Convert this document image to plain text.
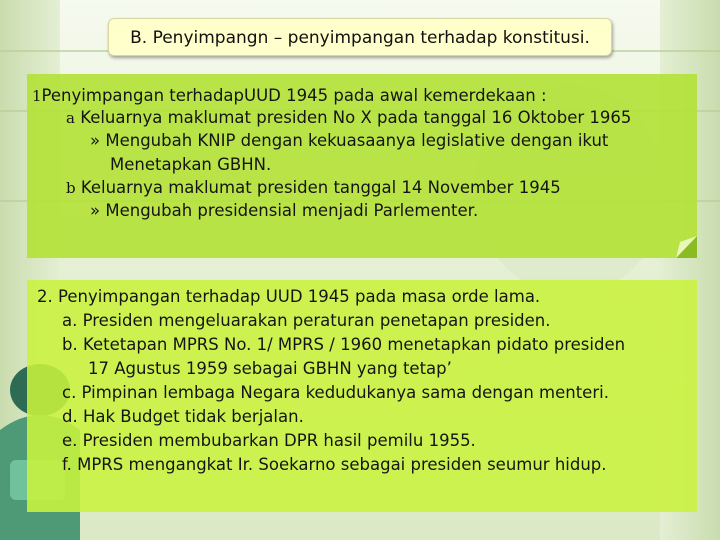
B. Penyimpangn – penyimpangan terhadap konstitusi.
1Penyimpangan terhadapUUD 1945 pada awal kemerdekaan :
a Keluarnya maklumat presiden No X pada tanggal 16 Oktober 1965
» Mengubah KNIP dengan kekuasaanya legislative dengan ikut
Menetapkan GBHN.
b Keluarnya maklumat presiden tanggal 14 November 1945
» Mengubah presidensial menjadi Parlementer.
2. Penyimpangan terhadap UUD 1945 pada masa orde lama.
a. Presiden mengeluarakan peraturan penetapan presiden.
b. Ketetapan MPRS No. 1/ MPRS / 1960 menetapkan pidato presiden
17 Agustus 1959 sebagai GBHN yang tetap’
c. Pimpinan lembaga Negara kedudukanya sama dengan menteri.
d. Hak Budget tidak berjalan.
e. Presiden membubarkan DPR hasil pemilu 1955.
f. MPRS mengangkat Ir. Soekarno sebagai presiden seumur hidup.
